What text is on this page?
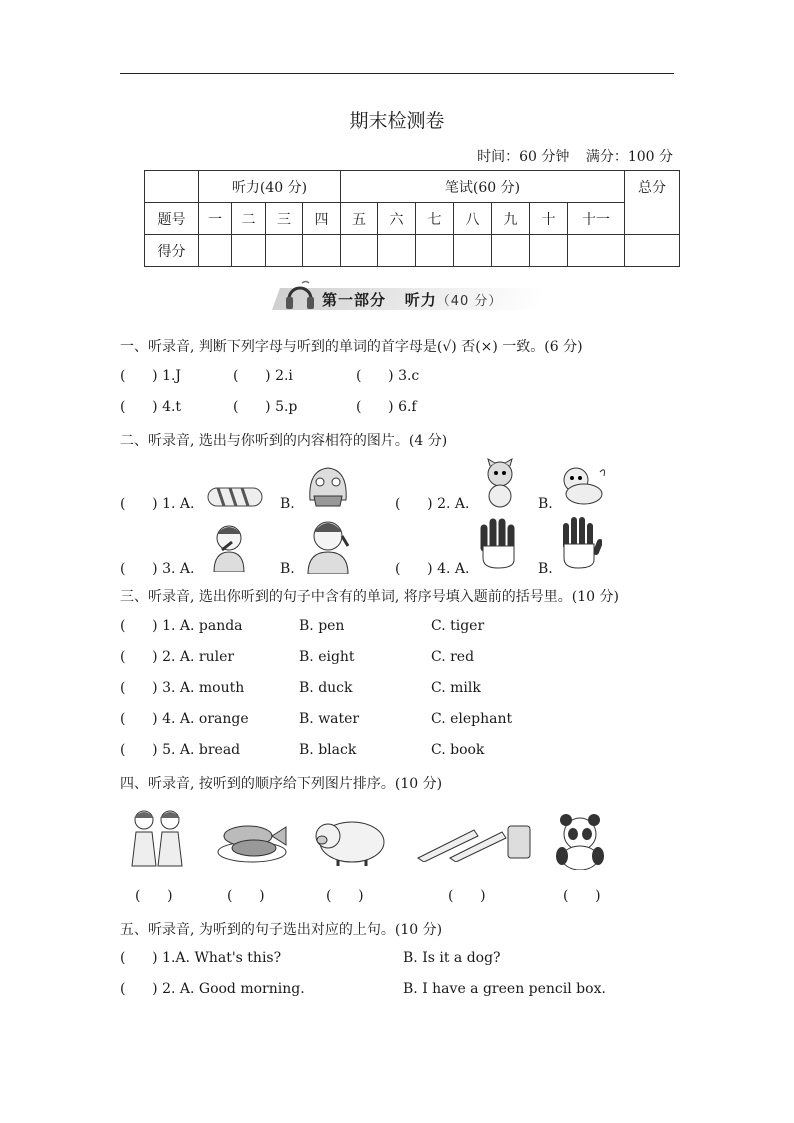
期末检测卷
时间：60 分钟 满分：100 分
	听力(40 分)				笔试(60 分)							总分
题号	一	二	三	四	五	六	七	八	九	十	十一	
得分												
第一部分 听力（40 分）
一、听录音, 判断下列字母与听到的单词的首字母是(√) 否(×) 一致。(6 分)
(      ) 1.J	(      ) 2.i	(      ) 3.c
(      ) 4.t	(      ) 5.p	(      ) 6.f
二、听录音, 选出与你听到的内容相符的图片。(4 分)
(      ) 1. A.	B.	(      ) 2. A.	B.
(      ) 3. A.	B.	(      ) 4. A.	B.
三、听录音, 选出你听到的句子中含有的单词, 将序号填入题前的括号里。(10 分)
(      ) 1. A. panda	B. pen	C. tiger
(      ) 2. A. ruler	B. eight	C. red
(      ) 3. A. mouth	B. duck	C. milk
(      ) 4. A. orange	B. water	C. elephant
(      ) 5. A. bread	B. black	C. book
四、听录音, 按听到的顺序给下列图片排序。(10 分)
(      )	(      )	(      )	(      )	(      )
五、听录音, 为听到的句子选出对应的上句。(10 分)
(      ) 1.A. What's this?	B. Is it a dog?
(      ) 2. A. Good morning.	B. I have a green pencil box.
